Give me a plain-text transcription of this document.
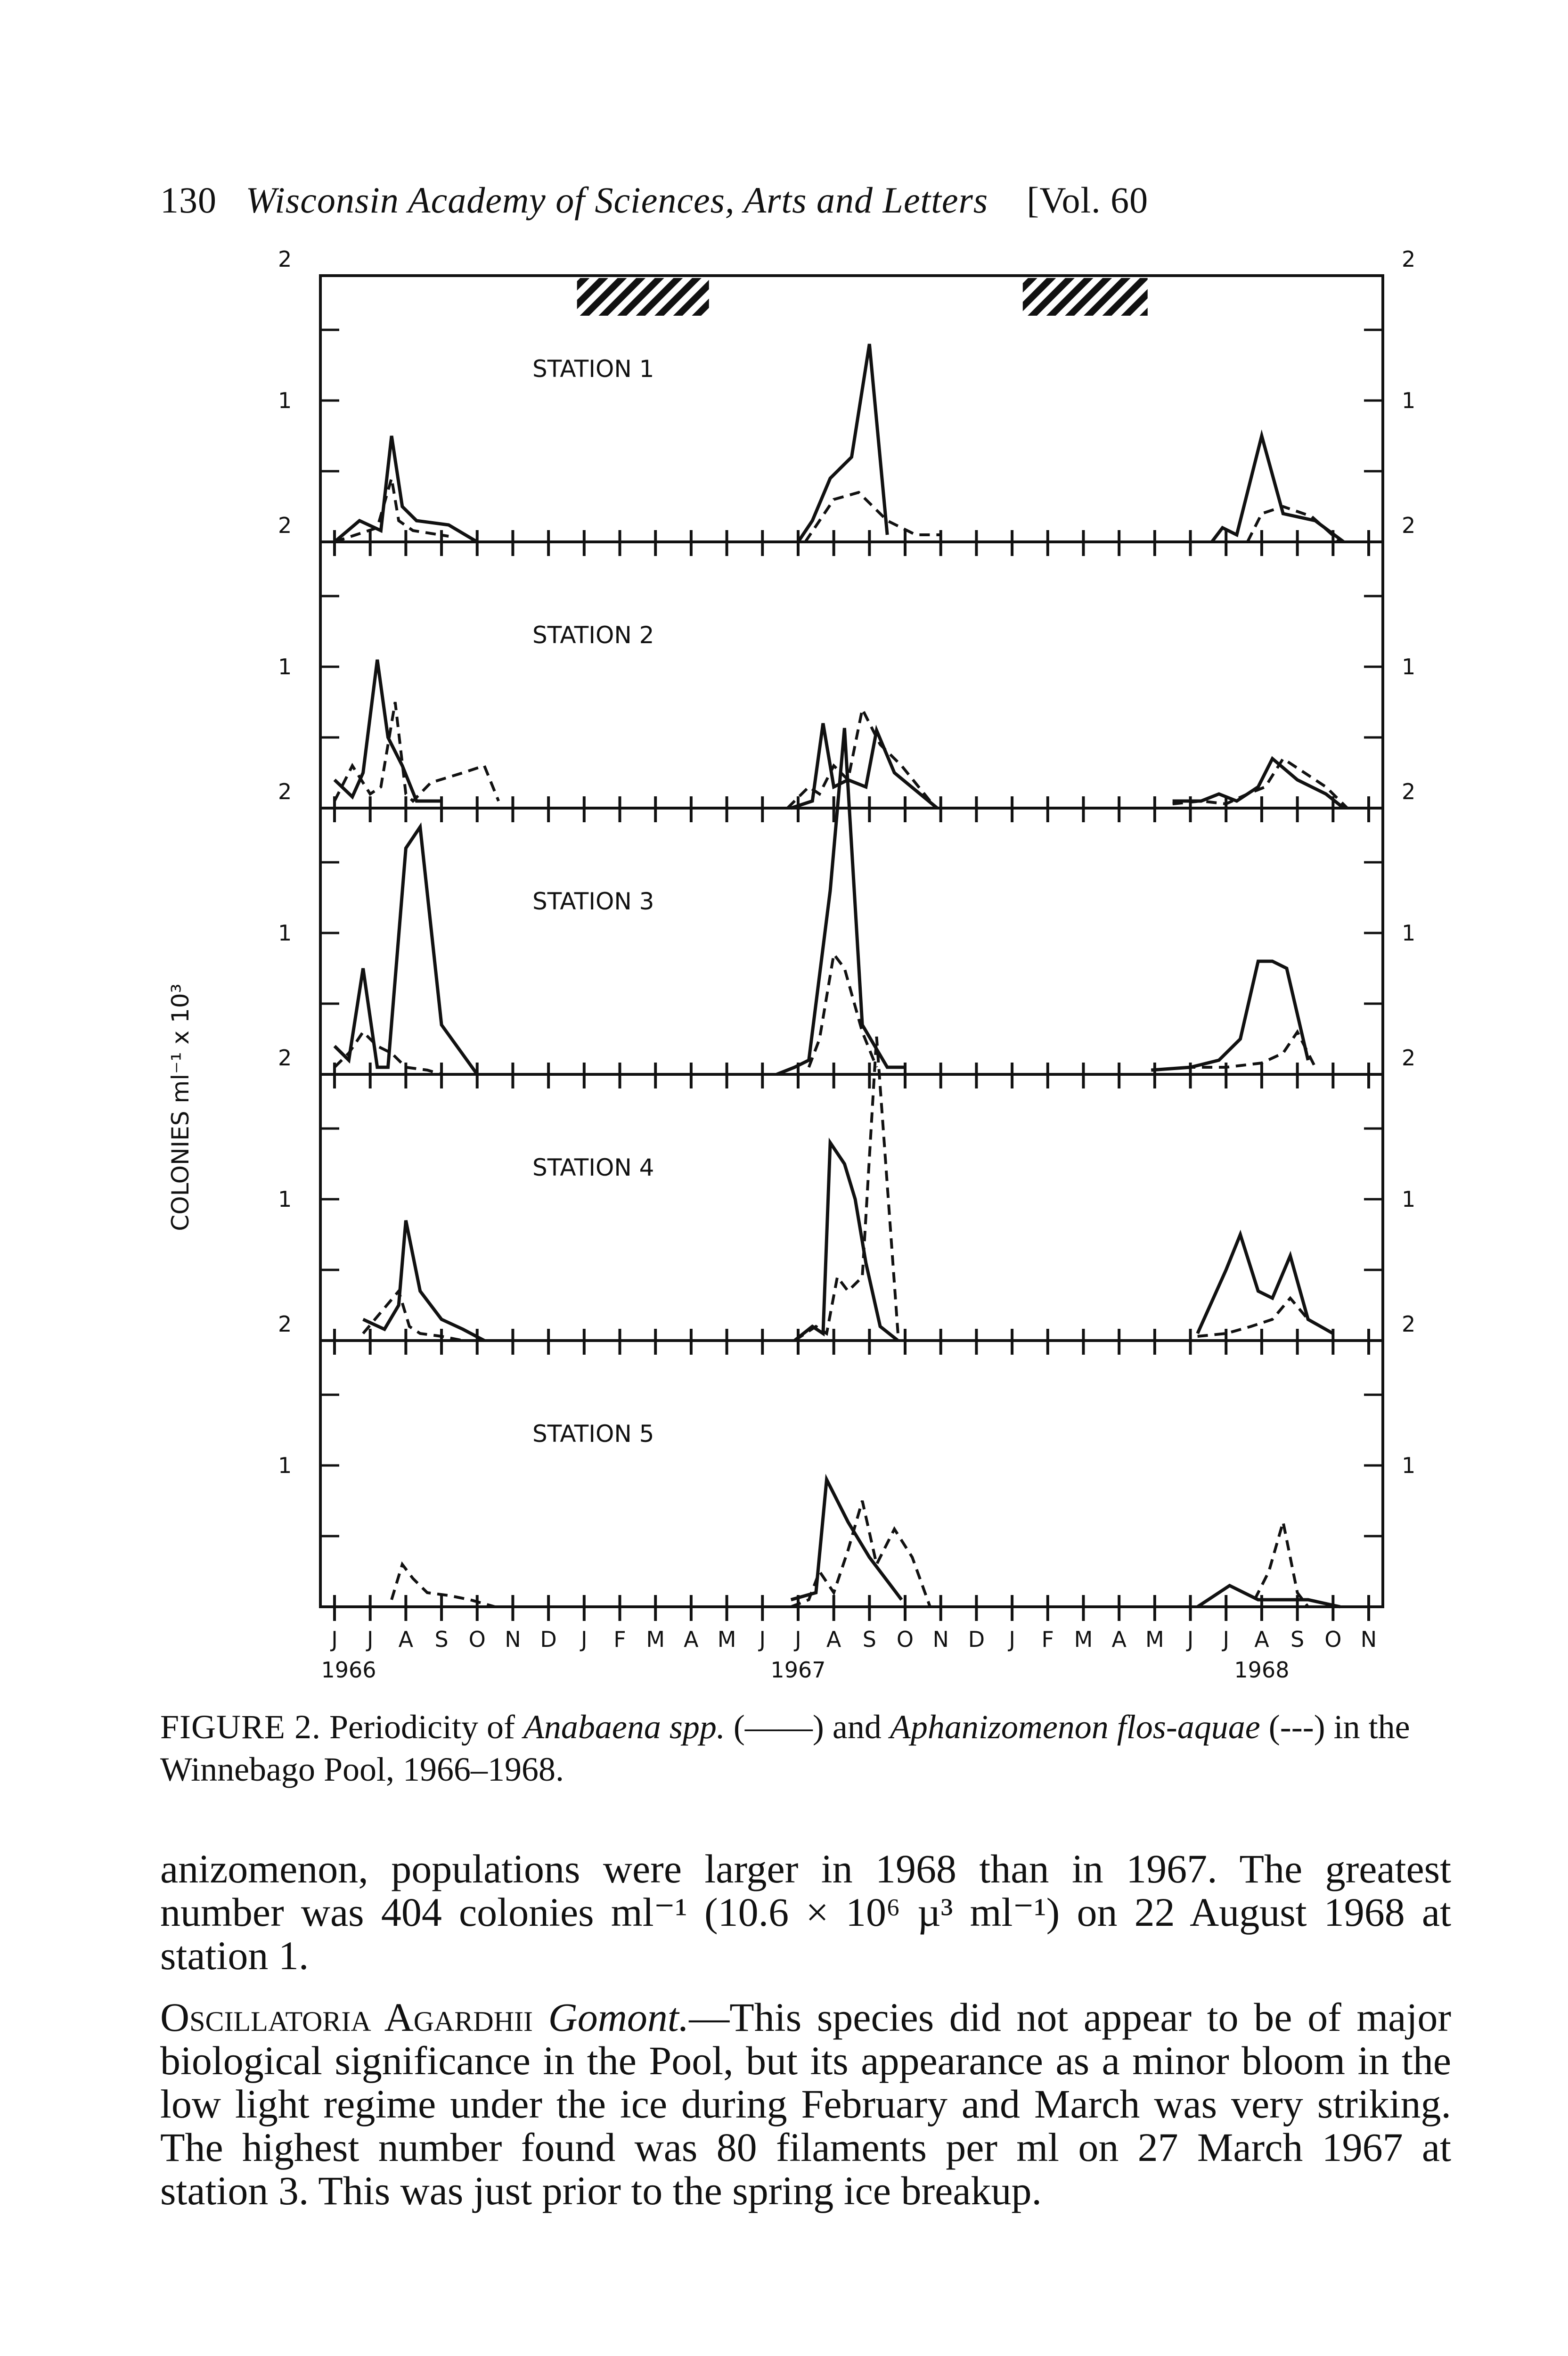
130 Wisconsin Academy of Sciences, Arts and Letters [Vol. 60
STATION 1
1	1
2	2
STATION 2
1	1
2	2
STATION 3
1	1
2	2
STATION 4
1	1
2	2
STATION 5
1	1
2	2
J J A S O N D J F M A M J J A S O N D J F M A M J J A S O N
1966	1967	1968
COLONIES ml⁻¹ x 10³
FIGURE 2. Periodicity of Anabaena spp. (——) and Aphanizomenon flos-aquae (---) in the Winnebago Pool, 1966–1968.
anizomenon, populations were larger in 1968 than in 1967. The greatest number was 404 colonies ml⁻¹ (10.6 × 10⁶ µ³ ml⁻¹) on 22 August 1968 at station 1.
Oscillatoria Agardhii Gomont.—This species did not appear to be of major biological significance in the Pool, but its appearance as a minor bloom in the low light regime under the ice during February and March was very striking. The highest number found was 80 filaments per ml on 27 March 1967 at station 3. This was just prior to the spring ice breakup.
